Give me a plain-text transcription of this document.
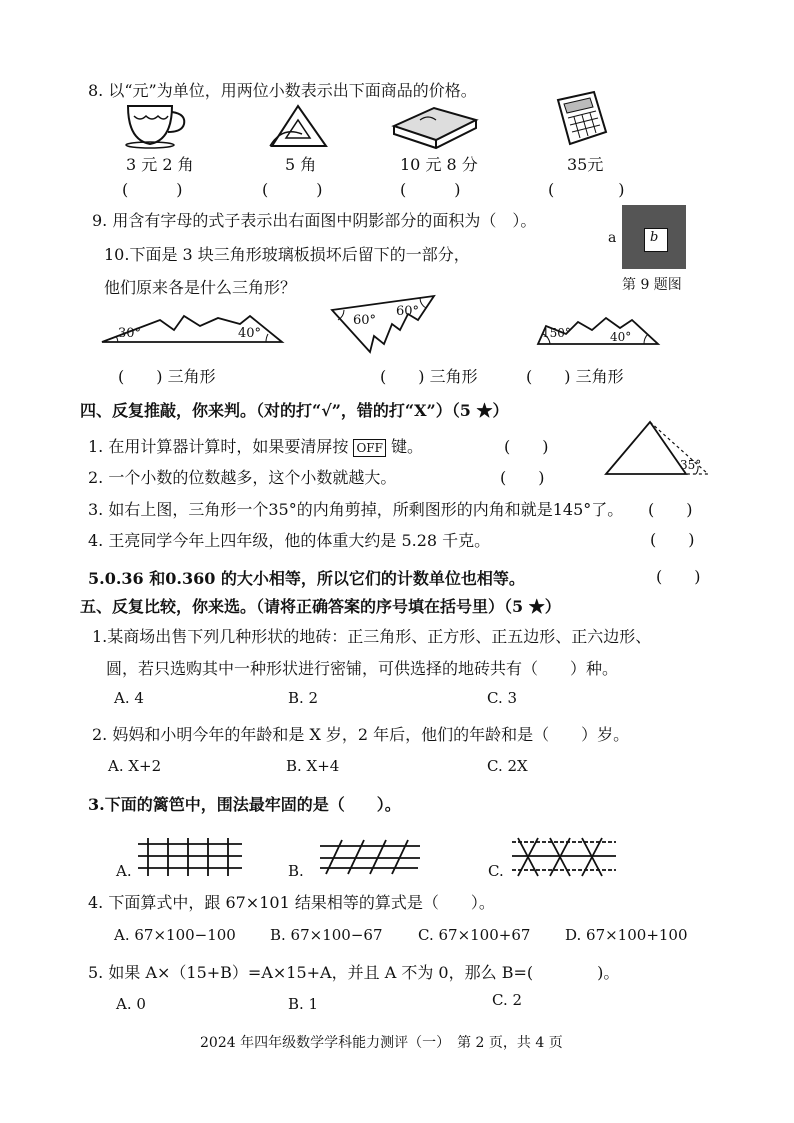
8. 以“元”为单位，用两位小数表示出下面商品的价格。
3 元 2 角	5 角	10 元 8 分	35元
(　　　)	(　　　)	(　　　)	(　　　　)
9. 用含有字母的式子表示出右面图中阴影部分的面积为（　）。
b
a
第 9 题图
10.下面是 3 块三角形玻璃板损坏后留下的一部分，
他们原来各是什么三角形？
30°	40°
60°
60°
150°	40°
(　　) 三角形	(　　) 三角形	(　　) 三角形
四、反复推敲，你来判。（对的打“√”，错的打“X”）（5 ★）
1. 在用计算器计算时，如果要清屏按 OFF 键。	(　　)
2. 一个小数的位数越多，这个小数就越大。	(　　)
35°
3. 如右上图，三角形一个35°的内角剪掉，所剩图形的内角和就是145°了。 (　　)
4. 王亮同学今年上四年级，他的体重大约是 5.28 千克。	(　　)
5.0.36 和0.360 的大小相等，所以它们的计数单位也相等。	(　　)
五、反复比较，你来选。（请将正确答案的序号填在括号里）（5 ★）
1.某商场出售下列几种形状的地砖：正三角形、正方形、正五边形、正六边形、
圆，若只选购其中一种形状进行密铺，可供选择的地砖共有（　　）种。
A. 4	B. 2	C. 3
2. 妈妈和小明今年的年龄和是 X 岁，2 年后，他们的年龄和是（　　）岁。
A. X+2	B. X+4	C. 2X
3.下面的篱笆中，围法最牢固的是（　　）。
A.	B.	C.
4. 下面算式中，跟 67×101 结果相等的算式是（　　）。
A. 67×100−100 B. 67×100−67 C. 67×100+67 D. 67×100+100
5. 如果 A×（15+B）=A×15+A，并且 A 不为 0，那么 B=(　　　　)。
A. 0	B. 1	C. 2
2024 年四年级数学学科能力测评（一）　第 2 页，共 4 页
